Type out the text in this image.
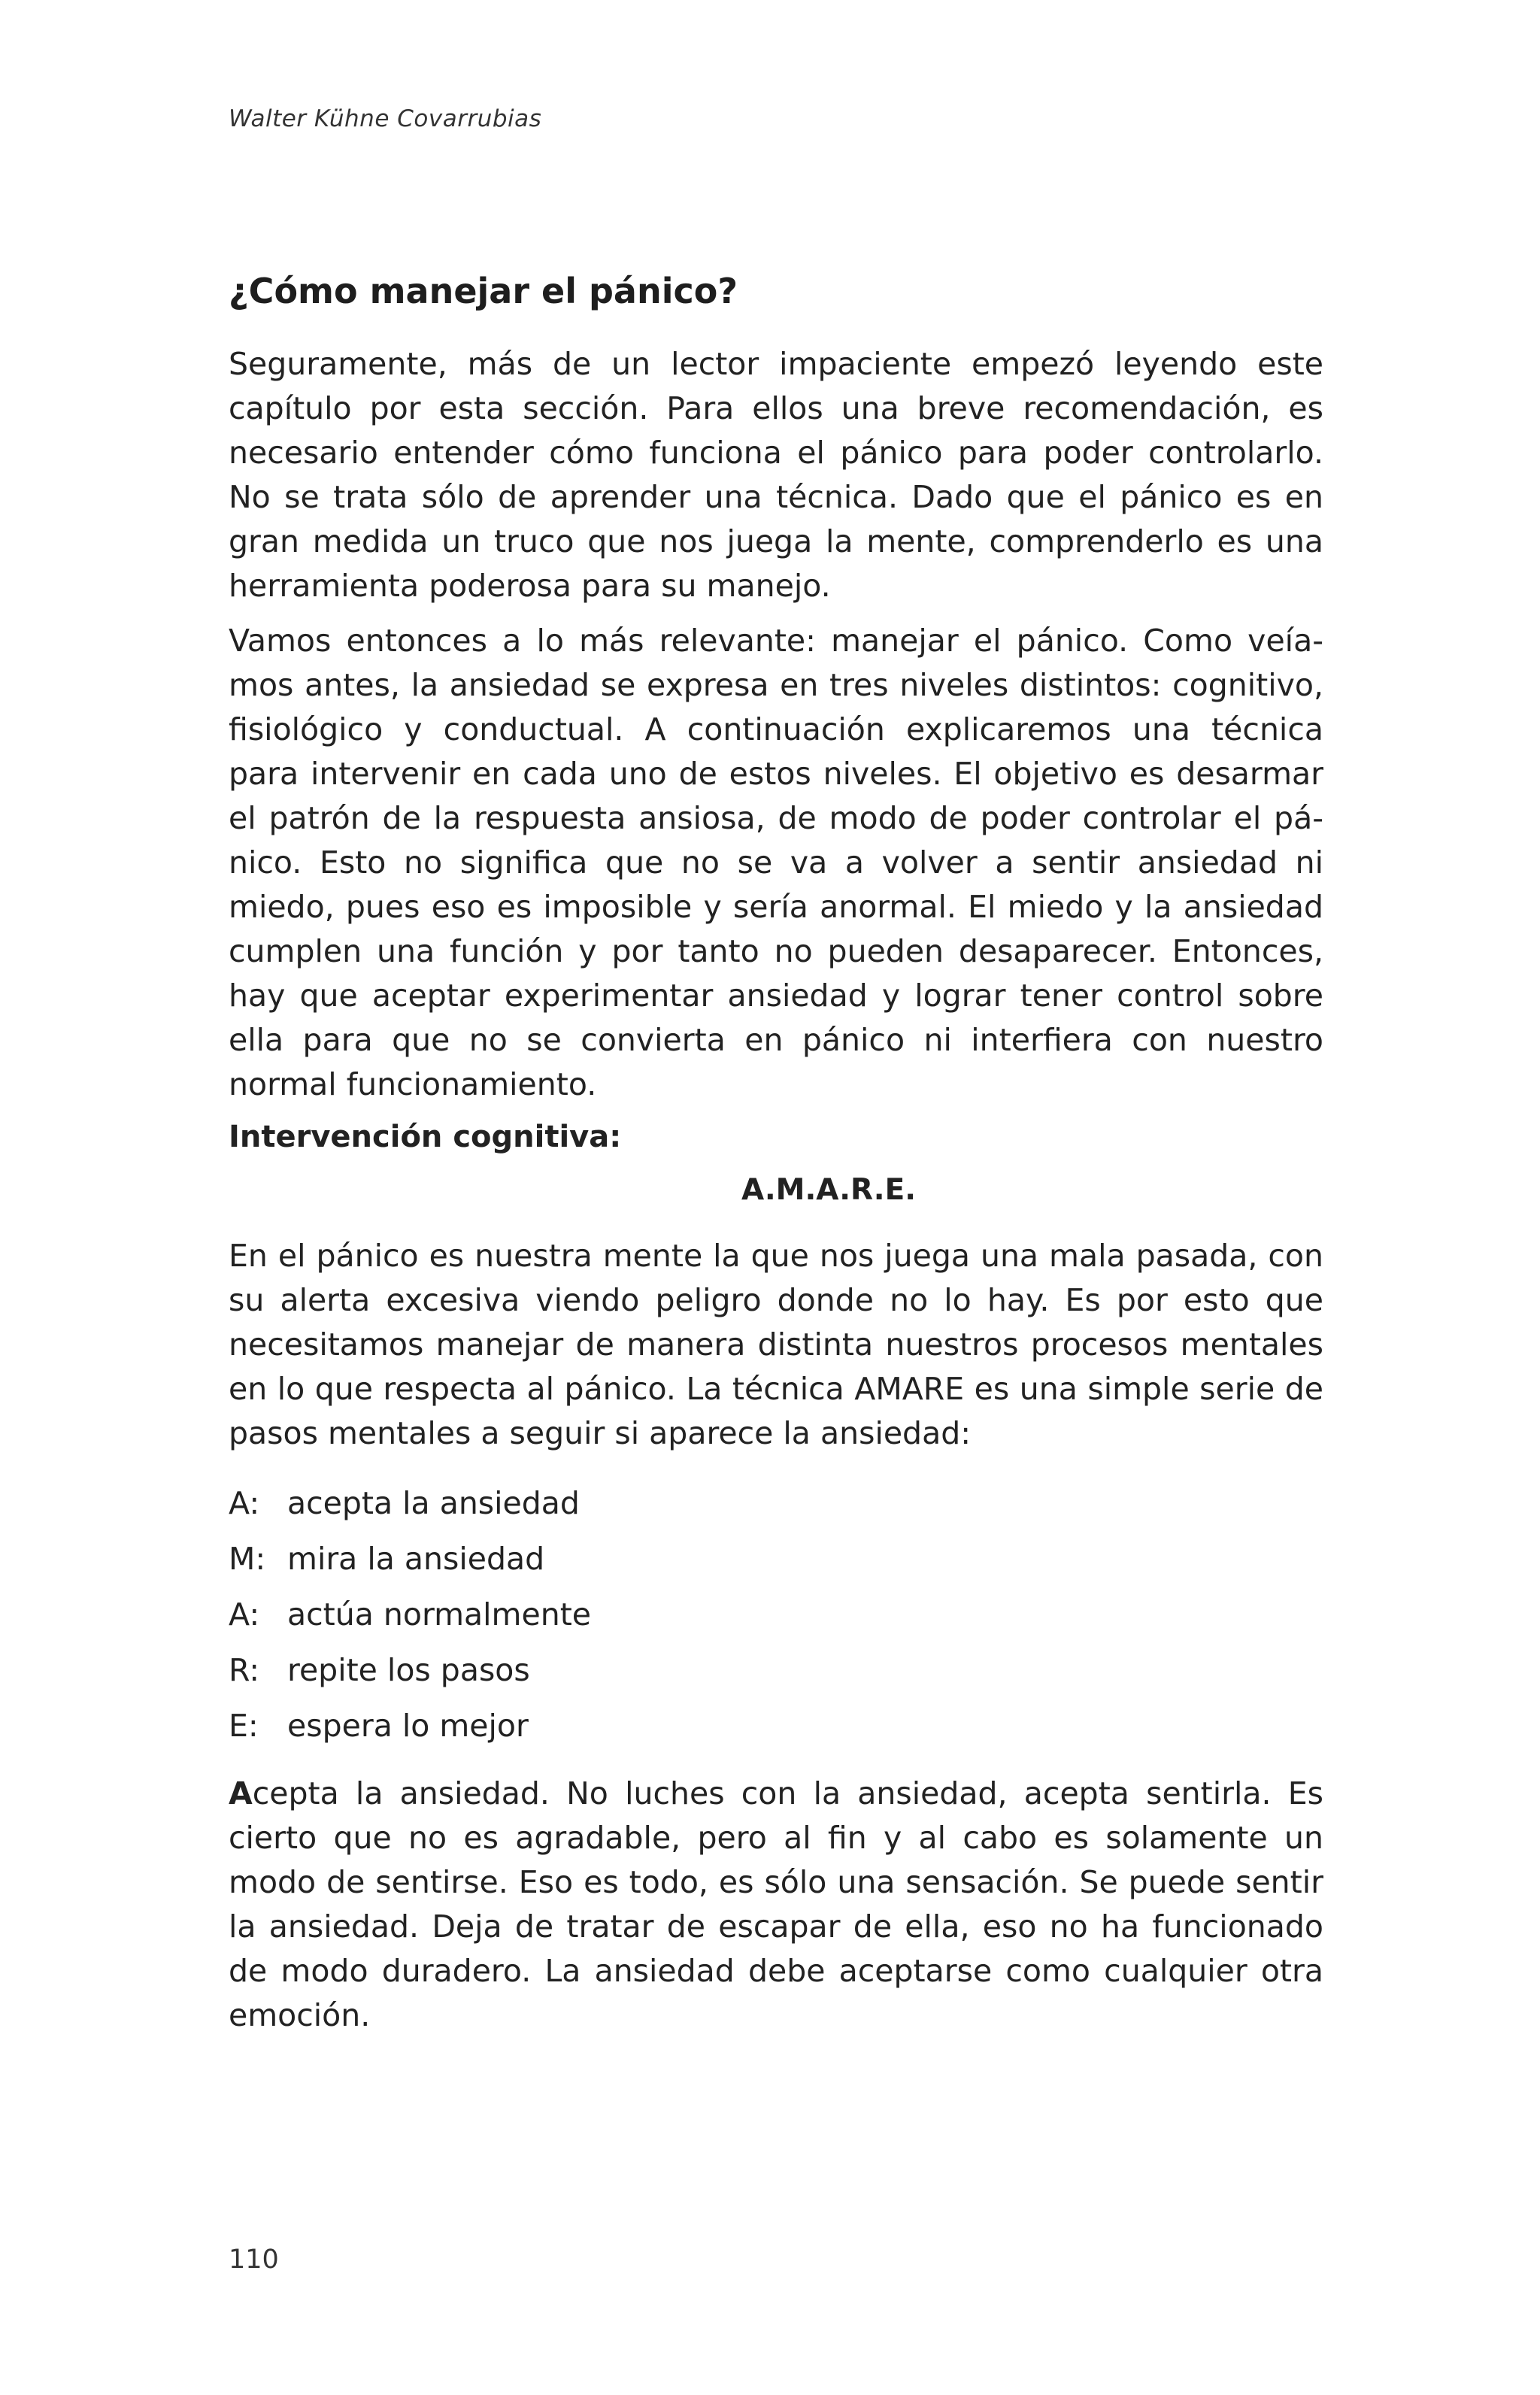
Walter Kühne Covarrubias
¿Cómo manejar el pánico?

Seguramente, más de un lector impaciente empezó leyendo este capítulo por esta sección. Para ellos una breve recomendación, es necesario entender cómo funciona el pánico para poder controlarlo. No se trata sólo de aprender una técnica. Dado que el pánico es en gran medida un truco que nos juega la mente, comprenderlo es una herramienta poderosa para su manejo.

Vamos entonces a lo más relevante: manejar el pánico. Como veíamos antes, la ansiedad se expresa en tres niveles distintos: cognitivo, fisiológico y conductual. A continuación explicaremos una técnica para intervenir en cada uno de estos niveles. El objetivo es desarmar el patrón de la respuesta ansiosa, de modo de poder controlar el pánico. Esto no significa que no se va a volver a sentir ansiedad ni miedo, pues eso es imposible y sería anormal. El miedo y la ansiedad cumplen una función y por tanto no pueden desaparecer. Entonces, hay que aceptar experimentar ansiedad y lograr tener control sobre ella para que no se convierta en pánico ni interfiera con nuestro normal funcionamiento.

Intervención cognitiva:
A.M.A.R.E.

En el pánico es nuestra mente la que nos juega una mala pasada, con su alerta excesiva viendo peligro donde no lo hay. Es por esto que necesitamos manejar de manera distinta nuestros procesos mentales en lo que respecta al pánico. La técnica AMARE es una simple serie de pasos mentales a seguir si aparece la ansiedad:

A: acepta la ansiedad
M: mira la ansiedad
A: actúa normalmente
R: repite los pasos
E: espera lo mejor

Acepta la ansiedad. No luches con la ansiedad, acepta sentirla. Es cierto que no es agradable, pero al fin y al cabo es solamente un modo de sentirse. Eso es todo, es sólo una sensación. Se puede sentir la ansiedad. Deja de tratar de escapar de ella, eso no ha funcionado de modo duradero. La ansiedad debe aceptarse como cualquier otra emoción.

110
